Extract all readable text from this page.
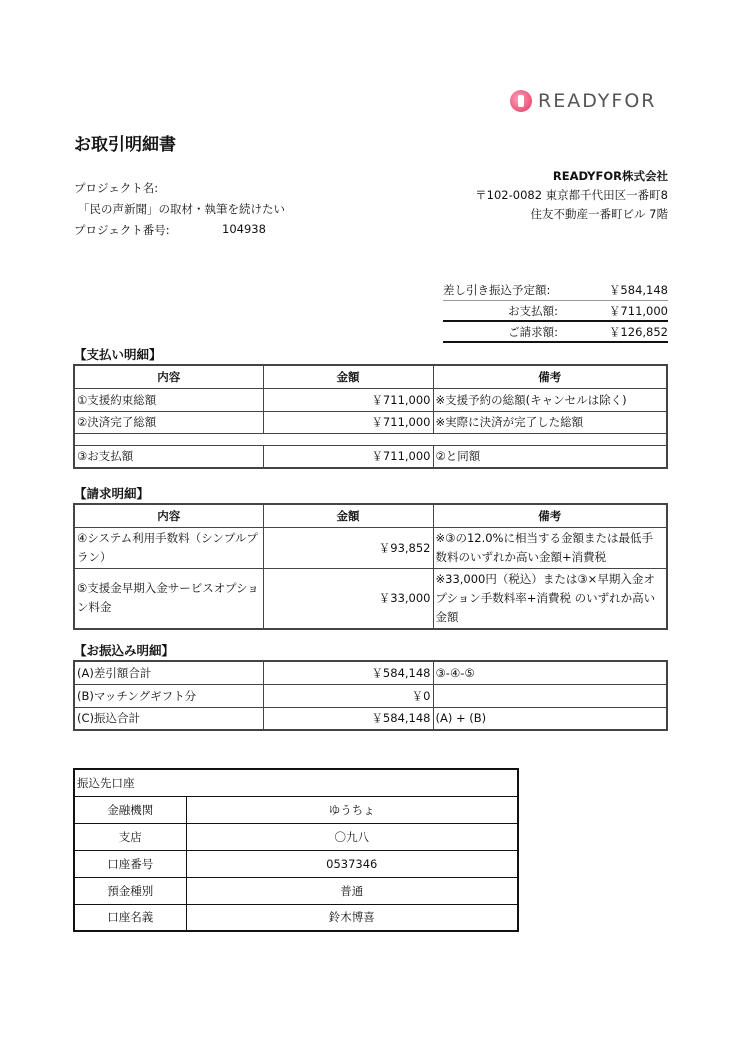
READYFOR
お取引明細書
プロジェクト名:
「民の声新聞」の取材・執筆を続けたい
プロジェクト番号:	104938
READYFOR株式会社
〒102-0082 東京都千代田区一番町8
住友不動産一番町ビル 7階
差し引き振込予定額:	￥584,148
お支払額:	￥711,000
ご請求額:	￥126,852
【支払い明細】
内容	金額	備考
①支援約束総額	￥711,000	※支援予約の総額(キャンセルは除く)
②決済完了総額	￥711,000	※実際に決済が完了した総額

③お支払額	￥711,000	②と同額
【請求明細】
内容	金額	備考
④システム利用手数料（シンプルプラン）	￥93,852	※③の12.0%に相当する金額または最低手数料のいずれか高い金額+消費税
⑤支援金早期入金サービスオプション料金	￥33,000	※33,000円（税込）または③×早期入金オプション手数料率+消費税 のいずれか高い金額
【お振込み明細】
(A)差引額合計	￥584,148	③-④-⑤
(B)マッチングギフト分	￥0	
(C)振込合計	￥584,148	(A) + (B)
振込先口座	
金融機関	ゆうちょ
支店	〇九八
口座番号	0537346
預金種別	普通
口座名義	鈴木博喜
